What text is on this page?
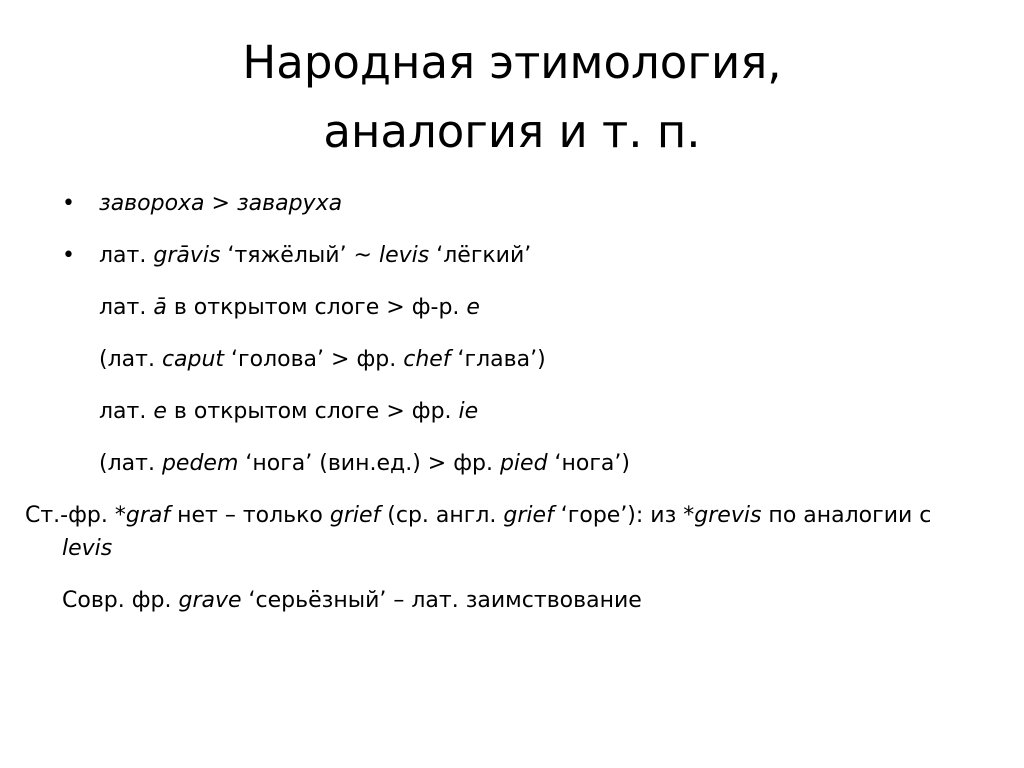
Народная этимология,
аналогия и т. п.
• заворoха > заваруха
• лат. grāvis ‘тяжёлый’ ~ levis ‘лёгкий’
лат. ā в открытом слоге > ф-р. e
(лат. caput ‘голова’ > фр. chef ‘глава’)
лат. e в открытом слоге > фр. ie
(лат. pedem ‘нога’ (вин.ед.) > фр. pied ‘нога’)
Ст.-фр. *graf нет – только grief (ср. англ. grief ‘горе’): из *grevis по аналогии с levis
Совр. фр. grave ‘серьёзный’ – лат. заимствование
